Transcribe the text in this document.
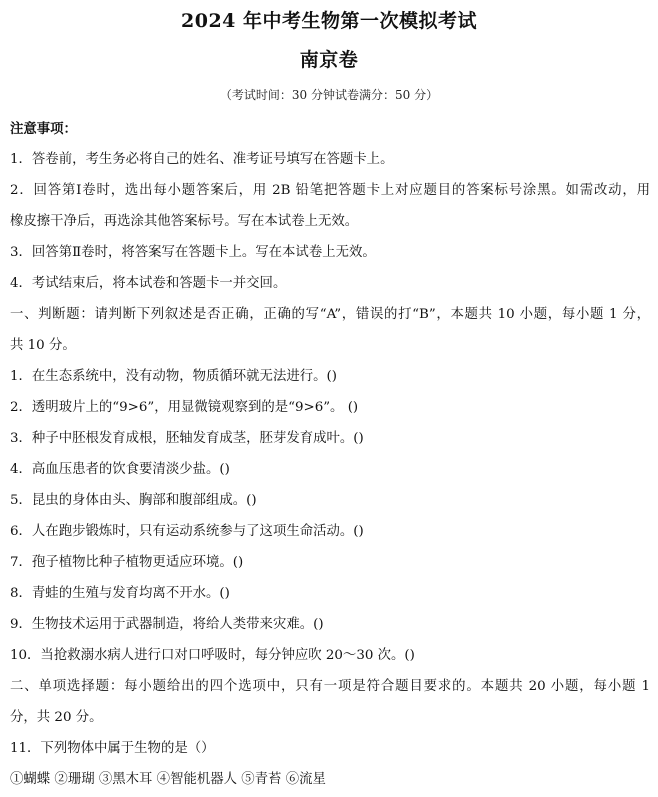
2024 年中考生物第一次模拟考试
南京卷
（考试时间：30 分钟试卷满分：50 分）
注意事项：
1．答卷前，考生务必将自己的姓名、准考证号填写在答题卡上。
2．回答第Ⅰ卷时，选出每小题答案后，用 2B 铅笔把答题卡上对应题目的答案标号涂黑。如需改动，用
橡皮擦干净后，再选涂其他答案标号。写在本试卷上无效。
3．回答第Ⅱ卷时，将答案写在答题卡上。写在本试卷上无效。
4．考试结束后，将本试卷和答题卡一并交回。
一、判断题：请判断下列叙述是否正确，正确的写“A”，错误的打“B”，本题共 10 小题，每小题 1 分，
共 10 分。
1．在生态系统中，没有动物，物质循环就无法进行。()
2．透明玻片上的“9>6”，用显微镜观察到的是“9>6”。 ()
3．种子中胚根发育成根，胚轴发育成茎，胚芽发育成叶。()
4．高血压患者的饮食要清淡少盐。()
5．昆虫的身体由头、胸部和腹部组成。()
6．人在跑步锻炼时，只有运动系统参与了这项生命活动。()
7．孢子植物比种子植物更适应环境。()
8．青蛙的生殖与发育均离不开水。()
9．生物技术运用于武器制造，将给人类带来灾难。()
10．当抢救溺水病人进行口对口呼吸时，每分钟应吹 20～30 次。()
二、单项选择题：每小题给出的四个选项中，只有一项是符合题目要求的。本题共 20 小题，每小题 1
分，共 20 分。
11．下列物体中属于生物的是（）
①蝴蝶 ②珊瑚 ③黑木耳 ④智能机器人 ⑤青苔 ⑥流星
